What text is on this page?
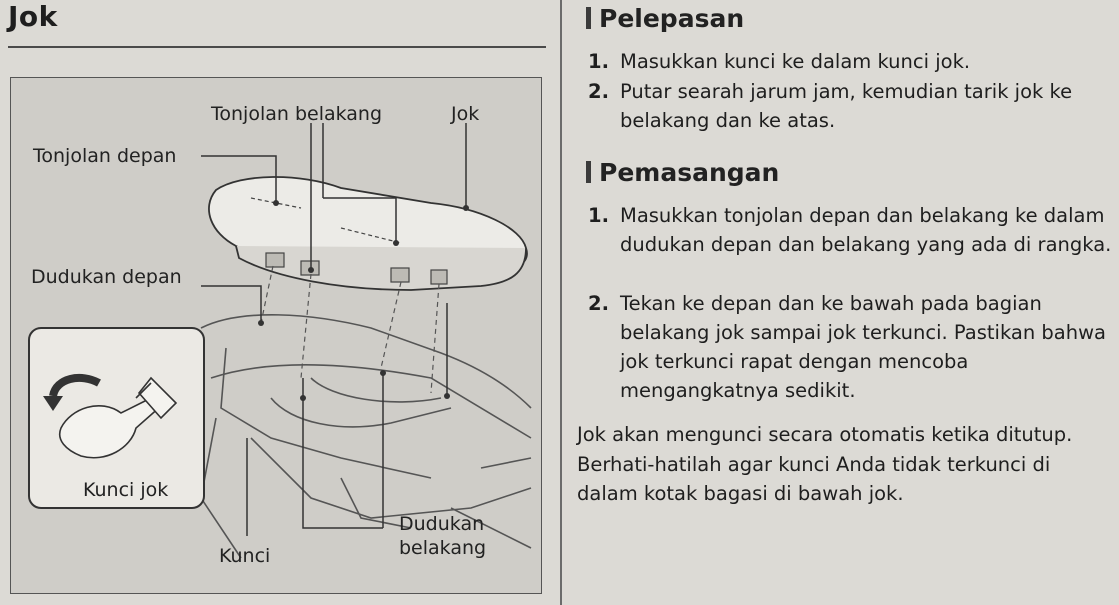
Jok
Tonjolan belakang	Jok
Tonjolan depan
Dudukan depan
Kunci jok
Kunci
Dudukan
belakang
Pelepasan
1. Masukkan kunci ke dalam kunci jok.
2. Putar searah jarum jam, kemudian tarik jok ke belakang dan ke atas.
Pemasangan
1. Masukkan tonjolan depan dan belakang ke dalam dudukan depan dan belakang yang ada di rangka.
2. Tekan ke depan dan ke bawah pada bagian belakang jok sampai jok terkunci. Pastikan bahwa jok terkunci rapat dengan mencoba mengangkatnya sedikit.
Jok akan mengunci secara otomatis ketika ditutup.
Berhati-hatilah agar kunci Anda tidak terkunci di dalam kotak bagasi di bawah jok.
